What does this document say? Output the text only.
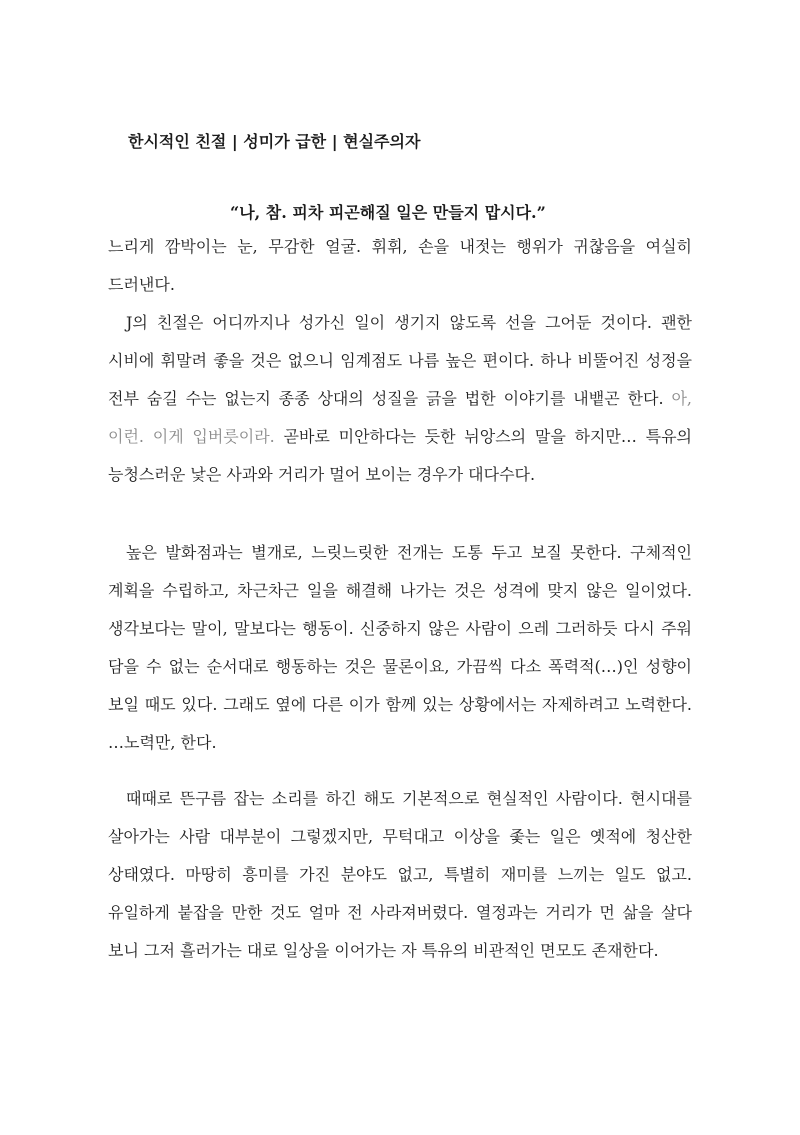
한시적인 친절 | 성미가 급한 | 현실주의자
“나, 참. 피차 피곤해질 일은 만들지 맙시다.”

느리게 깜박이는 눈, 무감한 얼굴. 휘휘, 손을 내젓는 행위가 귀찮음을 여실히 드러낸다.

J의 친절은 어디까지나 성가신 일이 생기지 않도록 선을 그어둔 것이다. 괜한 시비에 휘말려 좋을 것은 없으니 임계점도 나름 높은 편이다. 하나 비뚤어진 성정을 전부 숨길 수는 없는지 종종 상대의 성질을 긁을 법한 이야기를 내뱉곤 한다. 아, 이런. 이게 입버릇이라. 곧바로 미안하다는 듯한 뉘앙스의 말을 하지만… 특유의 능청스러운 낯은 사과와 거리가 멀어 보이는 경우가 대다수다.

높은 발화점과는 별개로, 느릿느릿한 전개는 도통 두고 보질 못한다. 구체적인 계획을 수립하고, 차근차근 일을 해결해 나가는 것은 성격에 맞지 않은 일이었다. 생각보다는 말이, 말보다는 행동이. 신중하지 않은 사람이 으레 그러하듯 다시 주워 담을 수 없는 순서대로 행동하는 것은 물론이요, 가끔씩 다소 폭력적(…)인 성향이 보일 때도 있다. 그래도 옆에 다른 이가 함께 있는 상황에서는 자제하려고 노력한다. …노력만, 한다.

때때로 뜬구름 잡는 소리를 하긴 해도 기본적으로 현실적인 사람이다. 현시대를 살아가는 사람 대부분이 그렇겠지만, 무턱대고 이상을 좇는 일은 옛적에 청산한 상태였다. 마땅히 흥미를 가진 분야도 없고, 특별히 재미를 느끼는 일도 없고. 유일하게 붙잡을 만한 것도 얼마 전 사라져버렸다. 열정과는 거리가 먼 삶을 살다 보니 그저 흘러가는 대로 일상을 이어가는 자 특유의 비관적인 면모도 존재한다.
